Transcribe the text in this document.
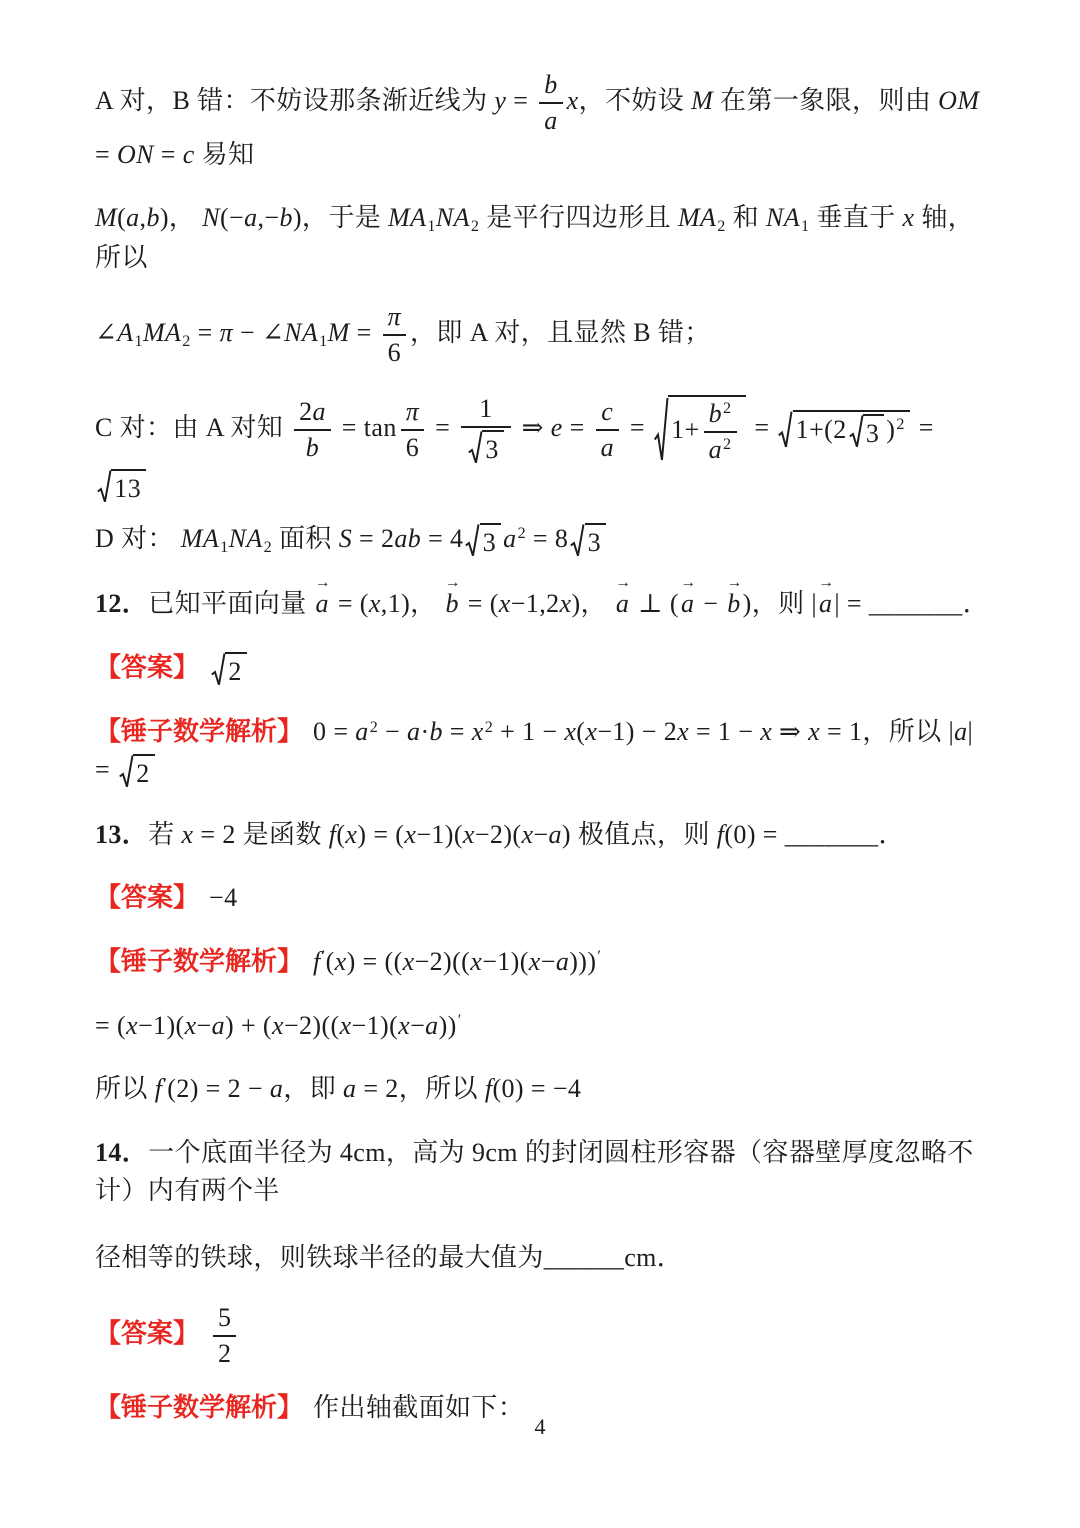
A 对，B 错：不妨设那条渐近线为 $y = \frac{b}{a}$ x，不妨设 M 在第一象限，则由 OM = ON = c 易知
M(a,b)， N(−a,−b)，于是 MA1NA2 是平行四边形且 MA2 和 NA1 垂直于 x 轴，所以
∠A1MA2 = π − ∠NA1M = $\frac{\pi}{6}$ ，即 A 对，且显然 B 错；
C 对：由 A 对知 $\frac{2a}{b} = \tan \frac{\pi}{6} = \frac{1}{3}$ ⇒ $e = \frac{c}{a} = 1+ \frac{b^2}{a^2} = 1+(2$ 3 )$^2$ =
13
D 对： MA1NA2 面积 S = 2ab = 4 3 $a^2 = 8$ 3
12．已知平面向量
→
a = (x,1)，
→
b = (x−1,2x)，
→
a ⊥ (
→
a −
→
b)，则 |
→
a| = _______．
【答案】 2
【锤子数学解析】 $0 = a^2 - a\cdot b = x^2 + 1 - x(x-1) - 2x = 1 - x$ ⇒ x = 1，所以 |a| = 2
13．若 x = 2 是函数 f(x) = (x−1)(x−2)(x−a) 极值点，则 f(0) = _______．
【答案】 −4
【锤子数学解析】 f′(x) = ((x−2)((x−1)(x−a)))′
= (x−1)(x−a) + (x−2)((x−1)(x−a))′
所以 f′(2) = 2 − a，即 a = 2，所以 f(0) = −4
14．一个底面半径为 4cm，高为 9cm 的封闭圆柱形容器（容器壁厚度忽略不计）内有两个半
径相等的铁球，则铁球半径的最大值为______cm．
【答案】 $\frac{5}{2}$
【锤子数学解析】 作出轴截面如下：
4
